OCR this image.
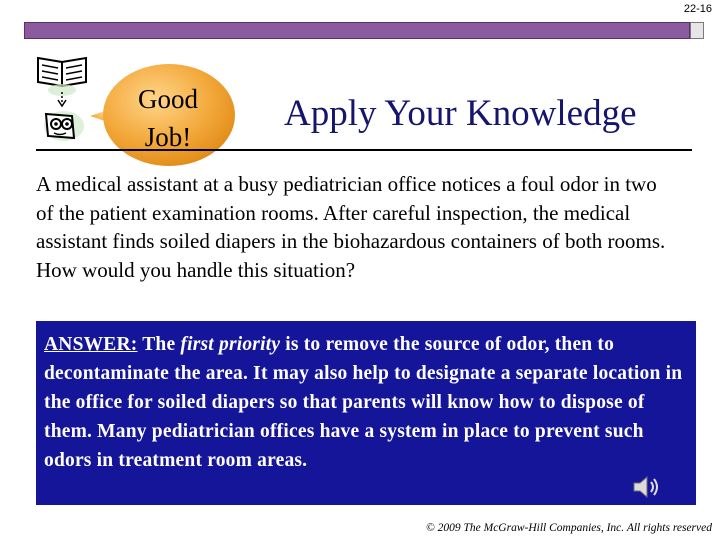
22-16
Good
Job!
Apply Your Knowledge
A medical assistant at a busy pediatrician office notices a foul odor in two of the patient examination rooms. After careful inspection, the medical assistant finds soiled diapers in the biohazardous containers of both rooms. How would you handle this situation?
ANSWER: The first priority is to remove the source of odor, then to decontaminate the area. It may also help to designate a separate location in the office for soiled diapers so that parents will know how to dispose of them. Many pediatrician offices have a system in place to prevent such odors in treatment room areas.
© 2009 The McGraw-Hill Companies, Inc. All rights reserved
